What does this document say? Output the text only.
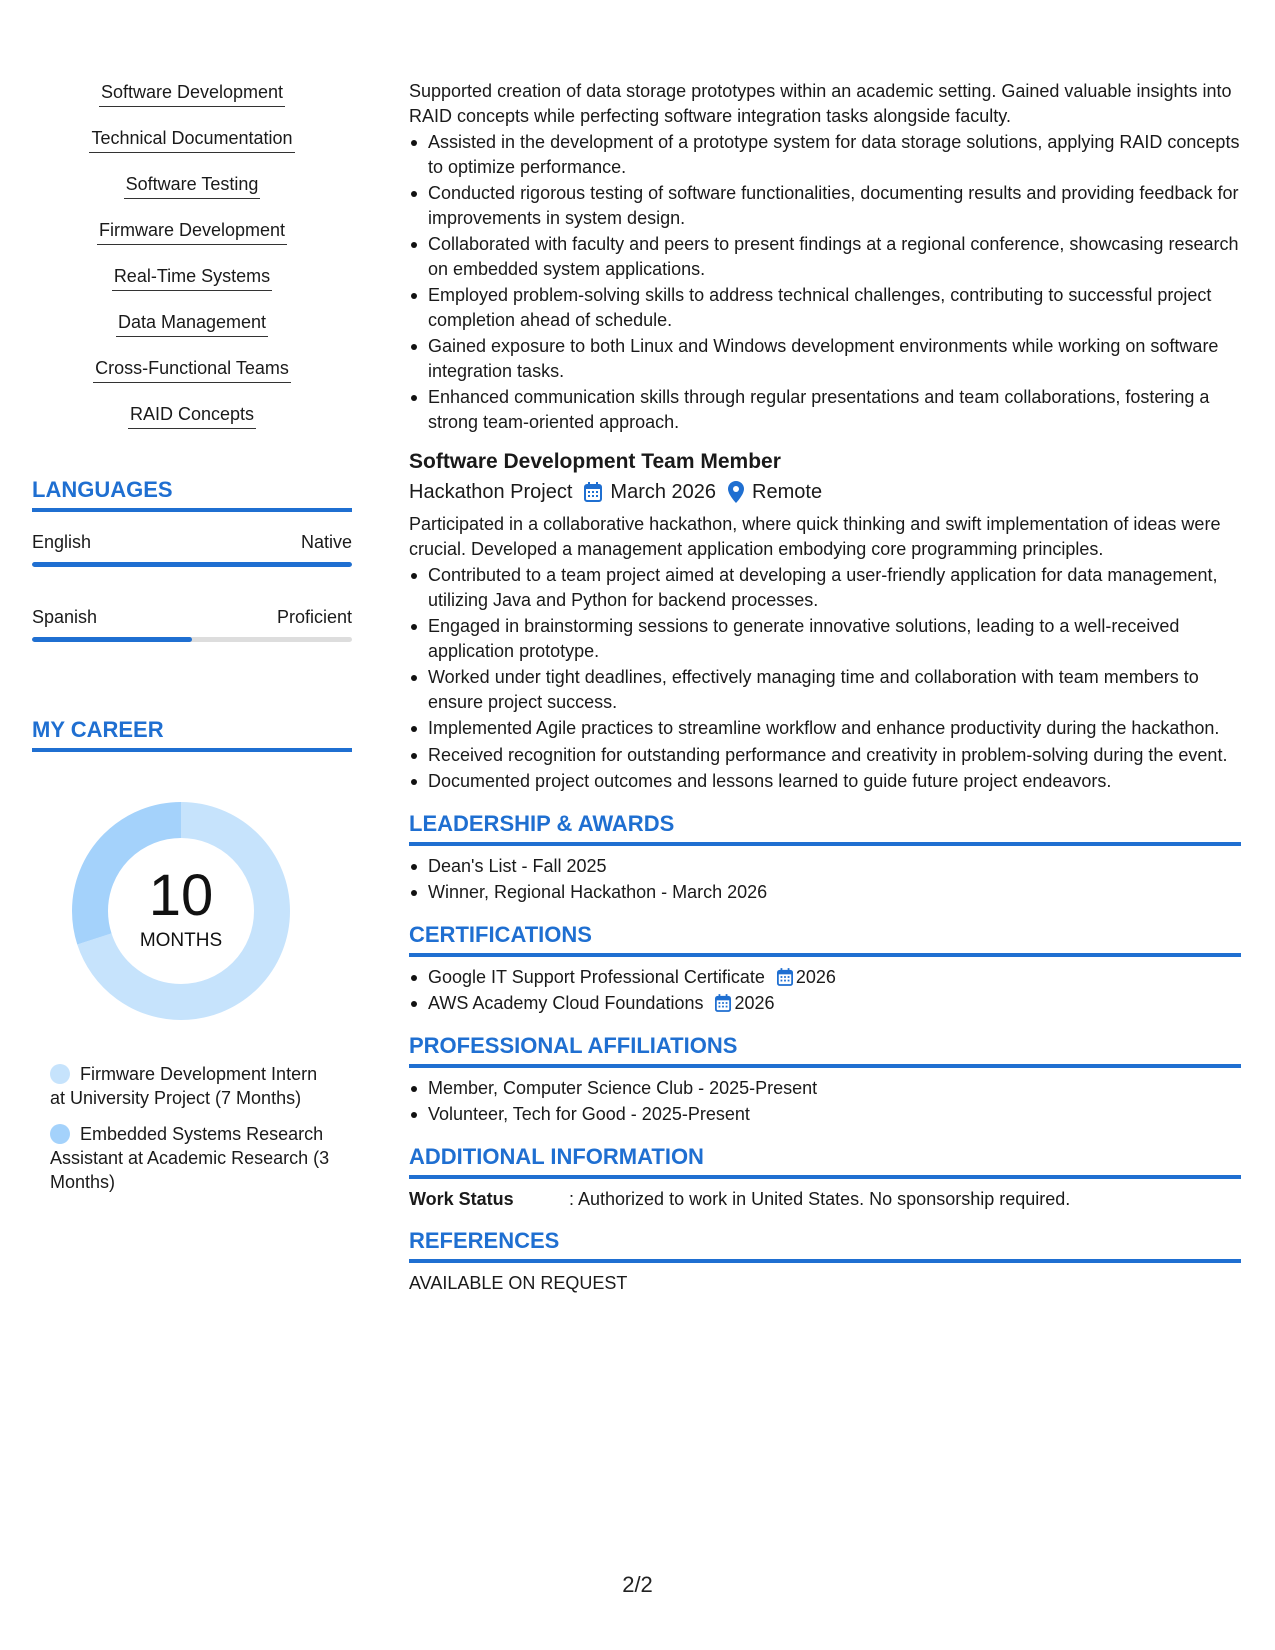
Software Development
Technical Documentation
Software Testing
Firmware Development
Real-Time Systems
Data Management
Cross-Functional Teams
RAID Concepts
LANGUAGES
English	Native
Spanish	Proficient
MY CAREER
10
MONTHS
Firmware Development Intern at University Project (7 Months)
Embedded Systems Research Assistant at Academic Research (3 Months)

Supported creation of data storage prototypes within an academic setting. Gained valuable insights into RAID concepts while perfecting software integration tasks alongside faculty.

Assisted in the development of a prototype system for data storage solutions, applying RAID concepts to optimize performance.
Conducted rigorous testing of software functionalities, documenting results and providing feedback for improvements in system design.
Collaborated with faculty and peers to present findings at a regional conference, showcasing research on embedded system applications.
Employed problem-solving skills to address technical challenges, contributing to successful project completion ahead of schedule.
Gained exposure to both Linux and Windows development environments while working on software integration tasks.
Enhanced communication skills through regular presentations and team collaborations, fostering a strong team-oriented approach.
Software Development Team Member
Hackathon Project March 2026 Remote

Participated in a collaborative hackathon, where quick thinking and swift implementation of ideas were crucial. Developed a management application embodying core programming principles.

Contributed to a team project aimed at developing a user-friendly application for data management, utilizing Java and Python for backend processes.
Engaged in brainstorming sessions to generate innovative solutions, leading to a well-received application prototype.
Worked under tight deadlines, effectively managing time and collaboration with team members to ensure project success.
Implemented Agile practices to streamline workflow and enhance productivity during the hackathon.
Received recognition for outstanding performance and creativity in problem-solving during the event.
Documented project outcomes and lessons learned to guide future project endeavors.
LEADERSHIP & AWARDS
Dean's List - Fall 2025
Winner, Regional Hackathon - March 2026
CERTIFICATIONS
Google IT Support Professional Certificate 2026
AWS Academy Cloud Foundations 2026
PROFESSIONAL AFFILIATIONS
Member, Computer Science Club - 2025-Present
Volunteer, Tech for Good - 2025-Present
ADDITIONAL INFORMATION
Work Status	: Authorized to work in United States. No sponsorship required.
REFERENCES
AVAILABLE ON REQUEST
2/2
